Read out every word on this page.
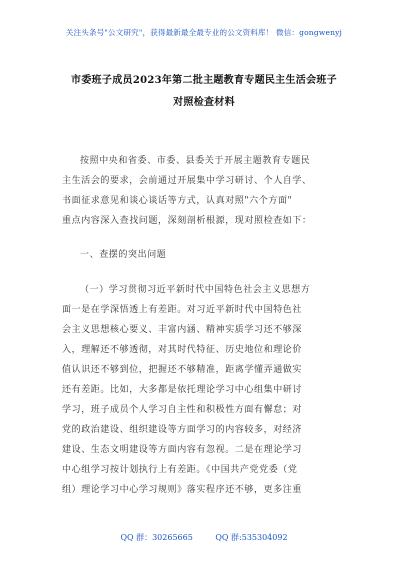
关注头条号"公文研究"，获得最新最全最专业的公文资料库！ 微信：gongwenyj
市委班子成员2023年第二批主题教育专题民主生活会班子
对照检查材料
按照中央和省委、市委、县委关于开展主题教育专题民
主生活会的要求，会前通过开展集中学习研讨、个人自学、
书面征求意见和谈心谈话等方式，认真对照"六个方面"
重点内容深入查找问题，深刻剖析根源，现对照检查如下：
一、查摆的突出问题
（一）学习贯彻习近平新时代中国特色社会主义思想方
面一是在学深悟透上有差距。对习近平新时代中国特色社
会主义思想核心要义、丰富内涵、精神实质学习还不够深
入，理解还不够透彻，对其时代特征、历史地位和理论价
值认识还不够到位，把握还不够精准，距离学懂弄通做实
还有差距。比如，大多都是依托理论学习中心组集中研讨
学习，班子成员个人学习自主性和积极性方面有懈怠；对
党的政治建设、组织建设等方面学习的内容较多，对经济
建设、生态文明建设等方面内容有忽视。二是在理论学习
中心组学习按计划执行上有差距。《中国共产党党委（党
组）理论学习中心学习规则》落实程序还不够，更多注重
QQ 群：30265665	QQ 群:535304092
